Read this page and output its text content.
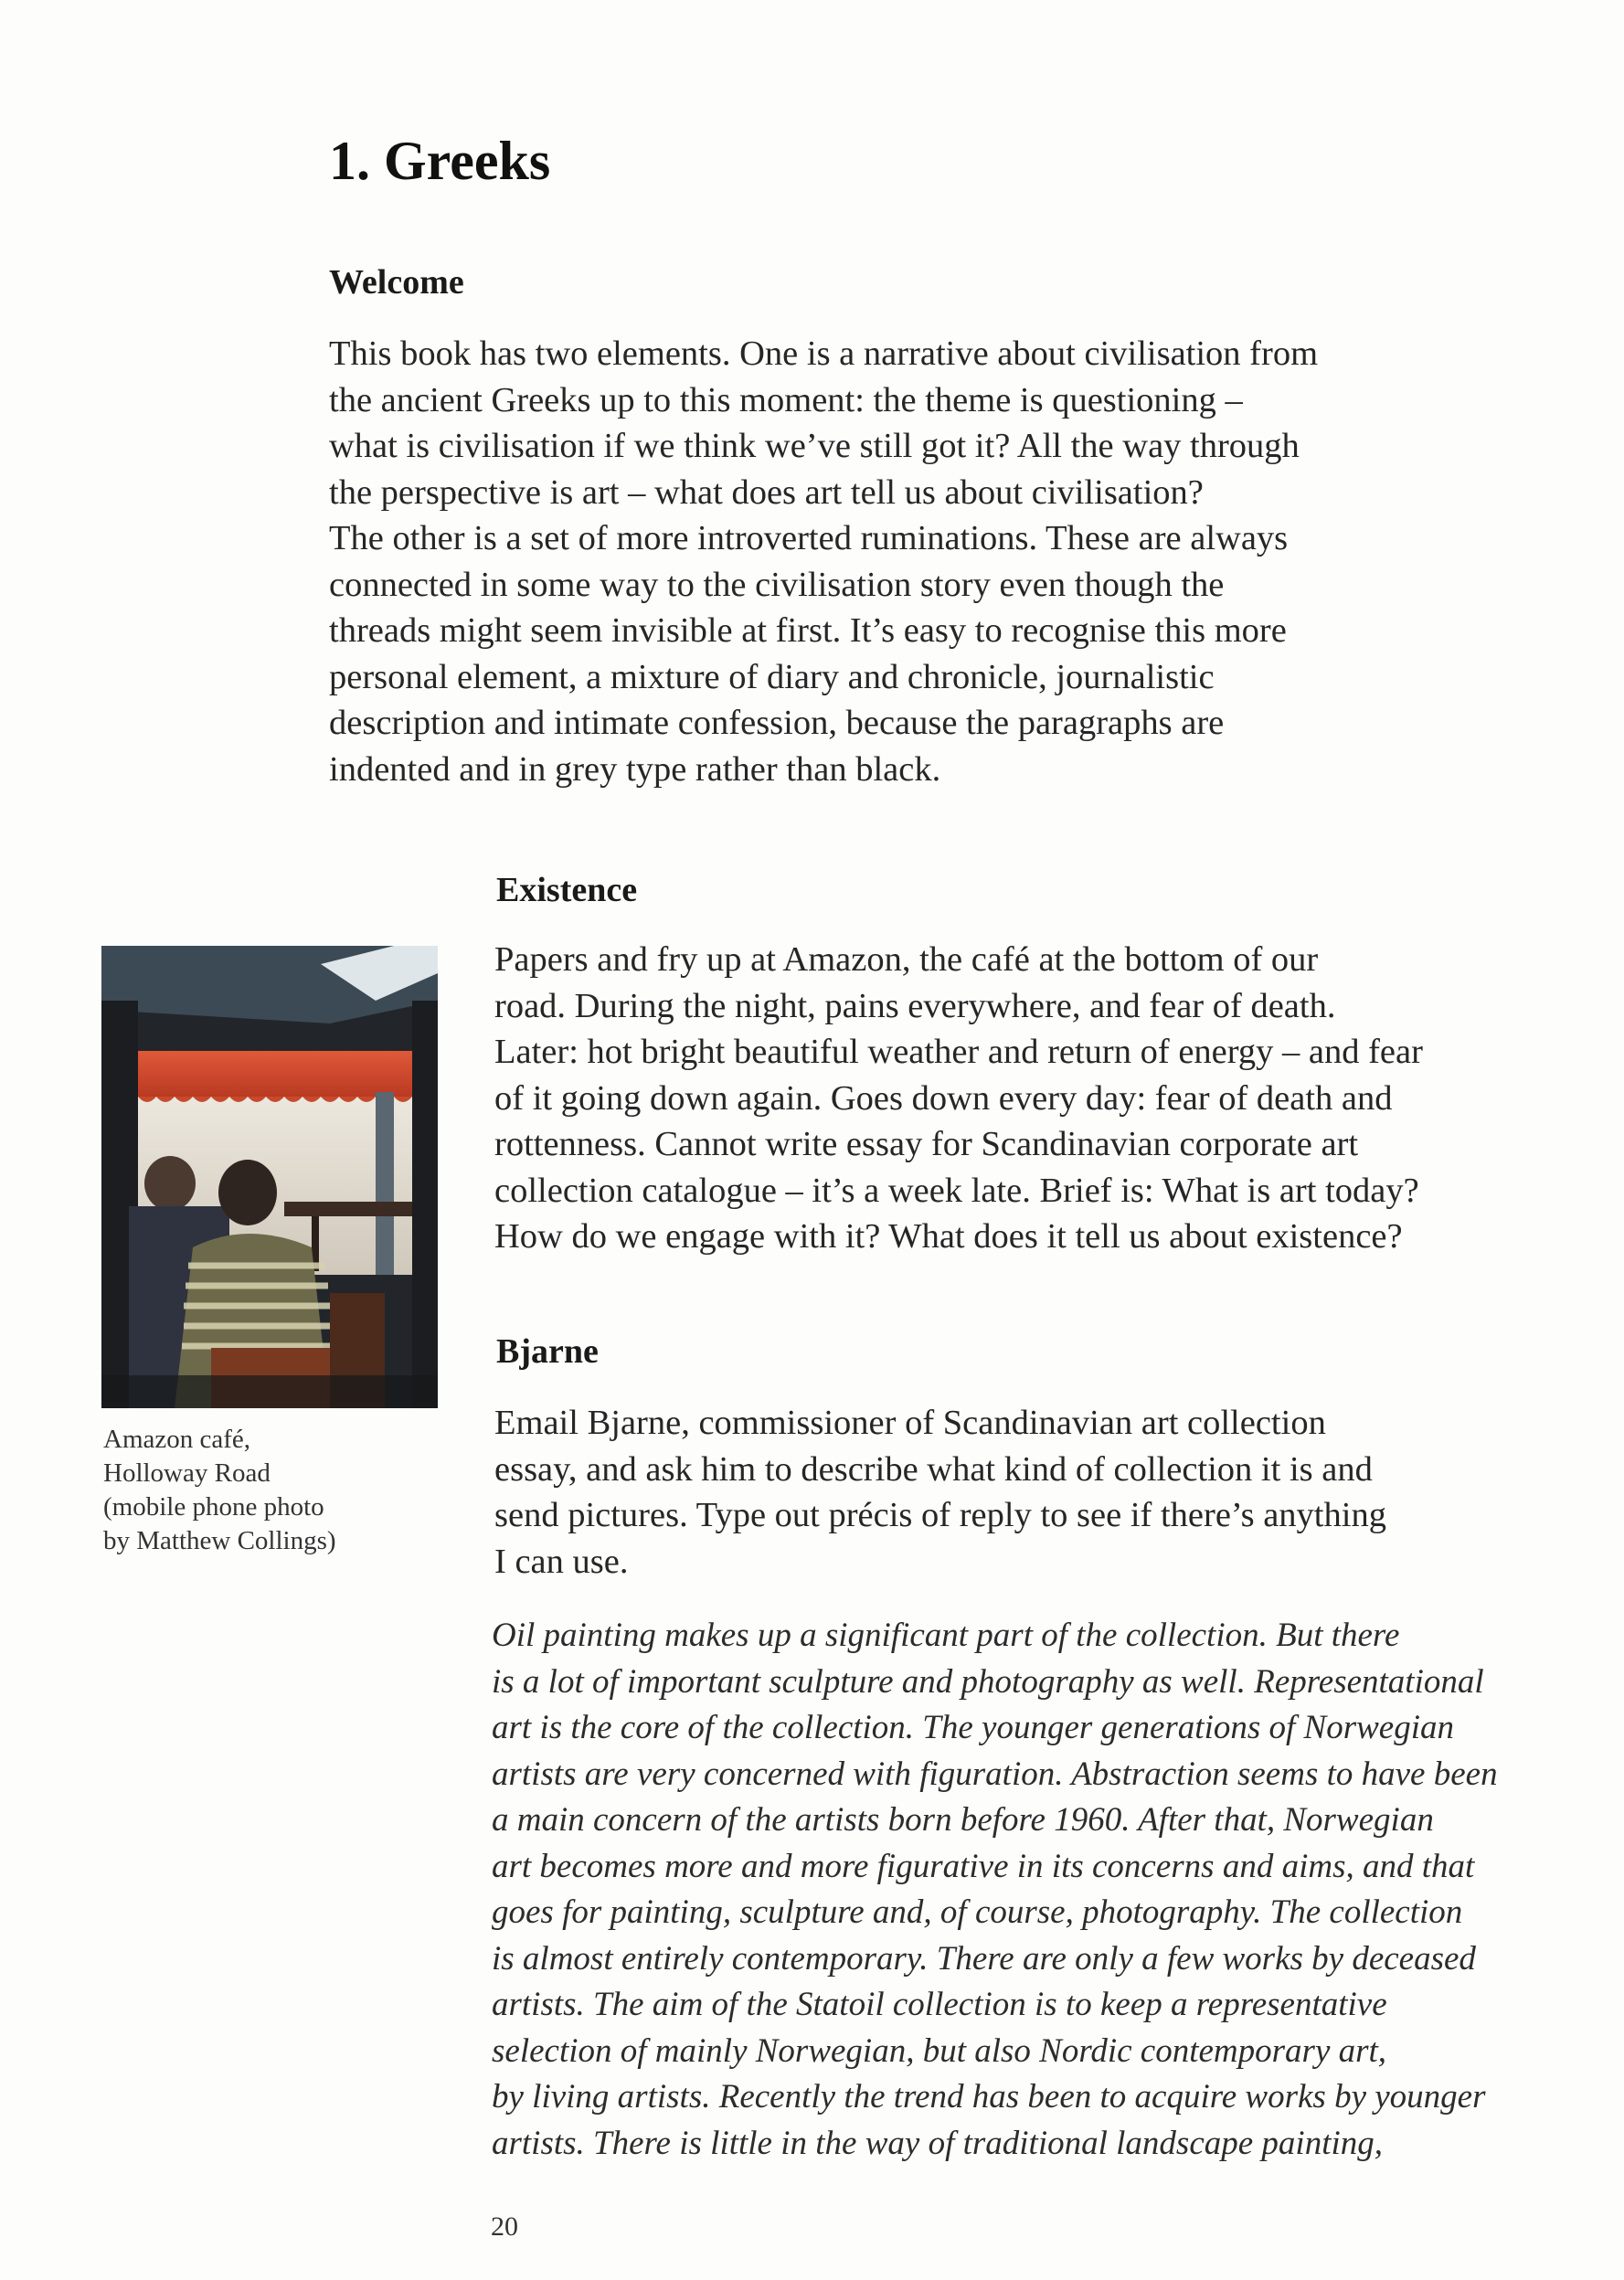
1. Greeks
Welcome
This book has two elements. One is a narrative about civilisation from
the ancient Greeks up to this moment: the theme is questioning –
what is civilisation if we think we’ve still got it? All the way through
the perspective is art – what does art tell us about civilisation?
The other is a set of more introverted ruminations. These are always
connected in some way to the civilisation story even though the
threads might seem invisible at first. It’s easy to recognise this more
personal element, a mixture of diary and chronicle, journalistic
description and intimate confession, because the paragraphs are
indented and in grey type rather than black.
Amazon café,
Holloway Road
(mobile phone photo
by Matthew Collings)
Existence
Papers and fry up at Amazon, the café at the bottom of our
road. During the night, pains everywhere, and fear of death.
Later: hot bright beautiful weather and return of energy – and fear
of it going down again. Goes down every day: fear of death and
rottenness. Cannot write essay for Scandinavian corporate art
collection catalogue – it’s a week late. Brief is: What is art today?
How do we engage with it? What does it tell us about existence?
Bjarne
Email Bjarne, commissioner of Scandinavian art collection
essay, and ask him to describe what kind of collection it is and
send pictures. Type out précis of reply to see if there’s anything
I can use.
Oil painting makes up a significant part of the collection. But there
is a lot of important sculpture and photography as well. Representational
art is the core of the collection. The younger generations of Norwegian
artists are very concerned with figuration. Abstraction seems to have been
a main concern of the artists born before 1960. After that, Norwegian
art becomes more and more figurative in its concerns and aims, and that
goes for painting, sculpture and, of course, photography. The collection
is almost entirely contemporary. There are only a few works by deceased
artists. The aim of the Statoil collection is to keep a representative
selection of mainly Norwegian, but also Nordic contemporary art,
by living artists. Recently the trend has been to acquire works by younger
artists. There is little in the way of traditional landscape painting,
20
